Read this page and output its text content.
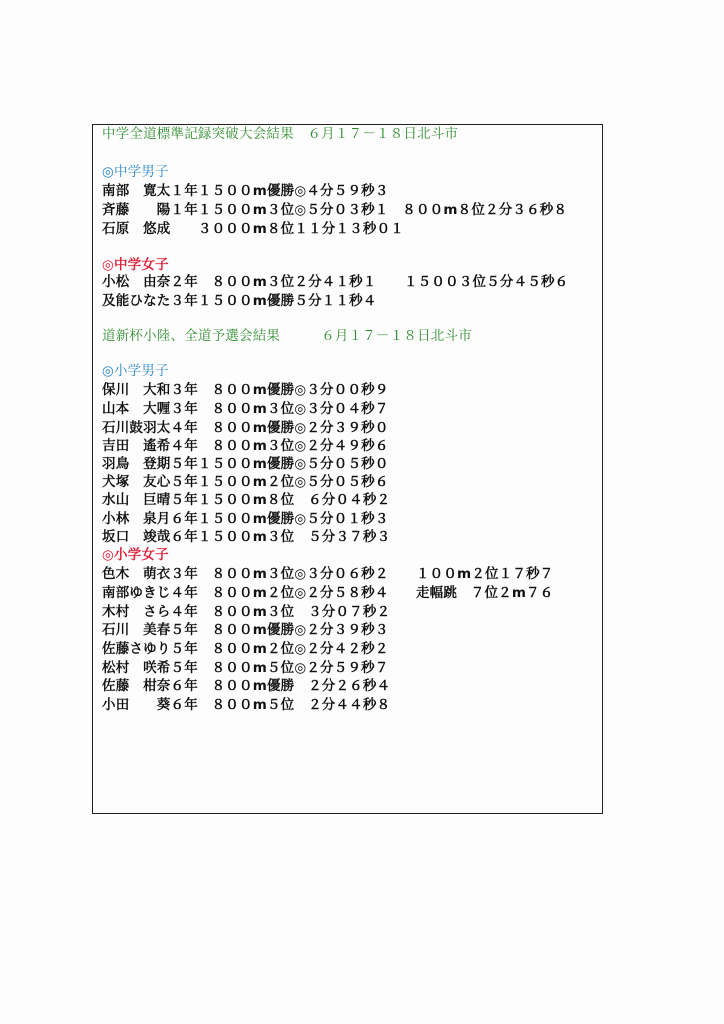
中学全道標準記録突破大会結果　６月１７－１８日北斗市
◎中学男子
南部　寛太１年１５００m優勝◎４分５９秒３
斉藤　　陽１年１５００m３位◎５分０３秒１　８００m８位２分３６秒８
石原　悠成　　３０００m８位１１分１３秒０１
◎中学女子
小松　由奈２年　８００m３位２分４１秒１　　１５００３位５分４５秒６
及能ひなた３年１５００m優勝５分１１秒４
道新杯小陸、全道予選会結果　　　６月１７－１８日北斗市
◎小学男子
保川　大和３年　８００m優勝◎３分００秒９
山本　大喱３年　８００m３位◎３分０４秒７
石川鼓羽太４年　８００m優勝◎２分３９秒０
吉田　遙希４年　８００m３位◎２分４９秒６
羽鳥　登期５年１５００m優勝◎５分０５秒０
犬塚　友心５年１５００m２位◎５分０５秒６
水山　巨晴５年１５００m８位　６分０４秒２
小林　泉月６年１５００m優勝◎５分０１秒３
坂口　竣哉６年１５００m３位　５分３７秒３
◎小学女子
色木　萌衣３年　８００m３位◎３分０６秒２　　１００m２位１７秒７
南部ゆきじ４年　８００m２位◎２分５８秒４　　走幅跳　７位２m７６
木村　さら４年　８００m３位　３分０７秒２
石川　美春５年　８００m優勝◎２分３９秒３
佐藤さゆり５年　８００m２位◎２分４２秒２
松村　咲希５年　８００m５位◎２分５９秒７
佐藤　柑奈６年　８００m優勝　２分２６秒４
小田　　葵６年　８００m５位　２分４４秒８
